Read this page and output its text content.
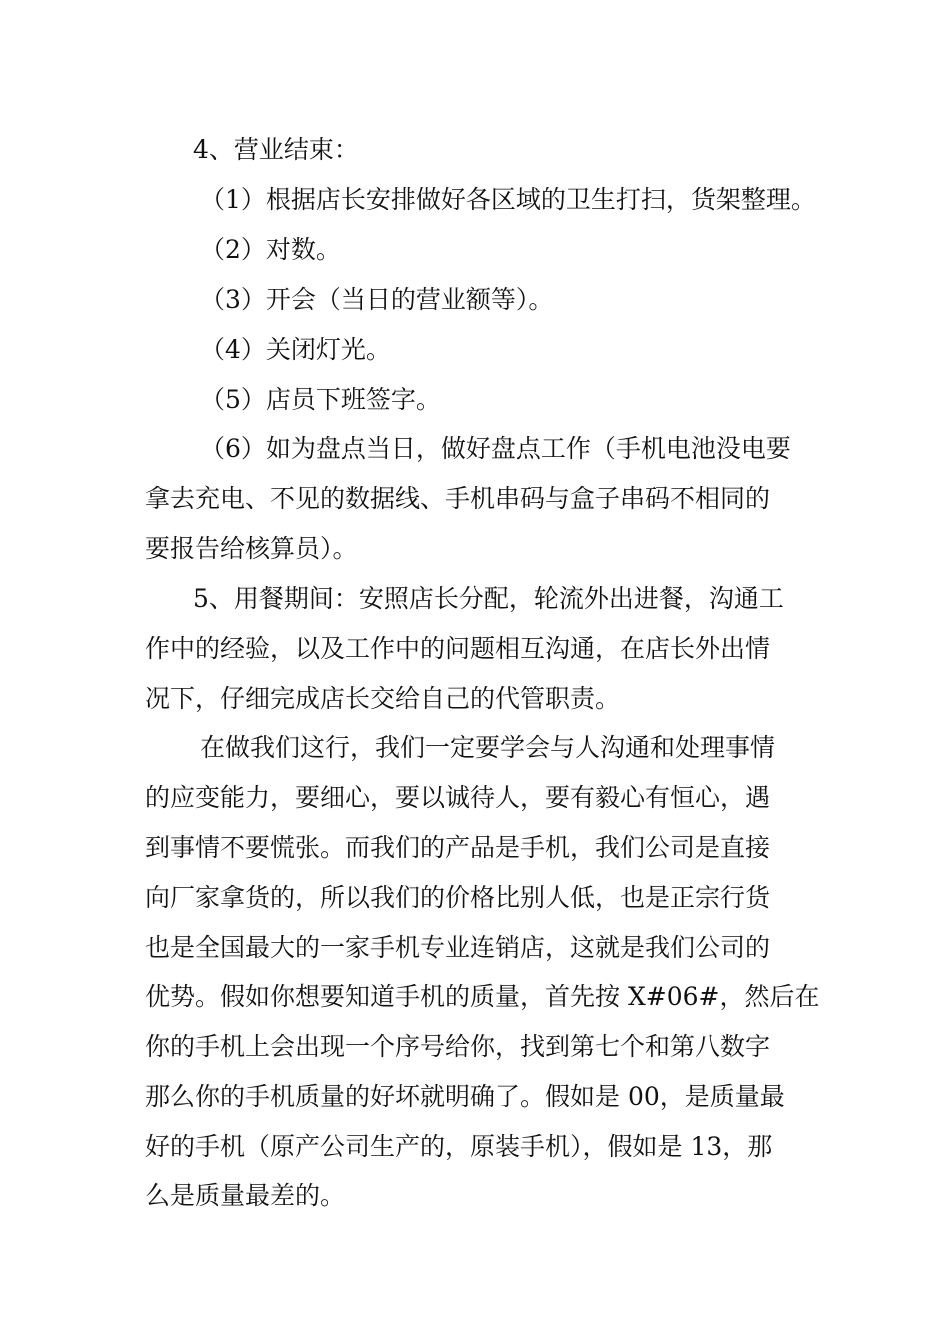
4、营业结束：
（1）根据店长安排做好各区域的卫生打扫，货架整理。
（2）对数。
（3）开会（当日的营业额等）。
（4）关闭灯光。
（5）店员下班签字。
（6）如为盘点当日，做好盘点工作（手机电池没电要
拿去充电、不见的数据线、手机串码与盒子串码不相同的
要报告给核算员）。
5、用餐期间：安照店长分配，轮流外出进餐，沟通工
作中的经验，以及工作中的问题相互沟通，在店长外出情
况下，仔细完成店长交给自己的代管职责。
在做我们这行，我们一定要学会与人沟通和处理事情
的应变能力，要细心，要以诚待人，要有毅心有恒心，遇
到事情不要慌张。而我们的产品是手机，我们公司是直接
向厂家拿货的，所以我们的价格比别人低，也是正宗行货
也是全国最大的一家手机专业连销店，这就是我们公司的
优势。假如你想要知道手机的质量，首先按 X#06#，然后在
你的手机上会出现一个序号给你，找到第七个和第八数字
那么你的手机质量的好坏就明确了。假如是 00，是质量最
好的手机（原产公司生产的，原装手机），假如是 13，那
么是质量最差的。
